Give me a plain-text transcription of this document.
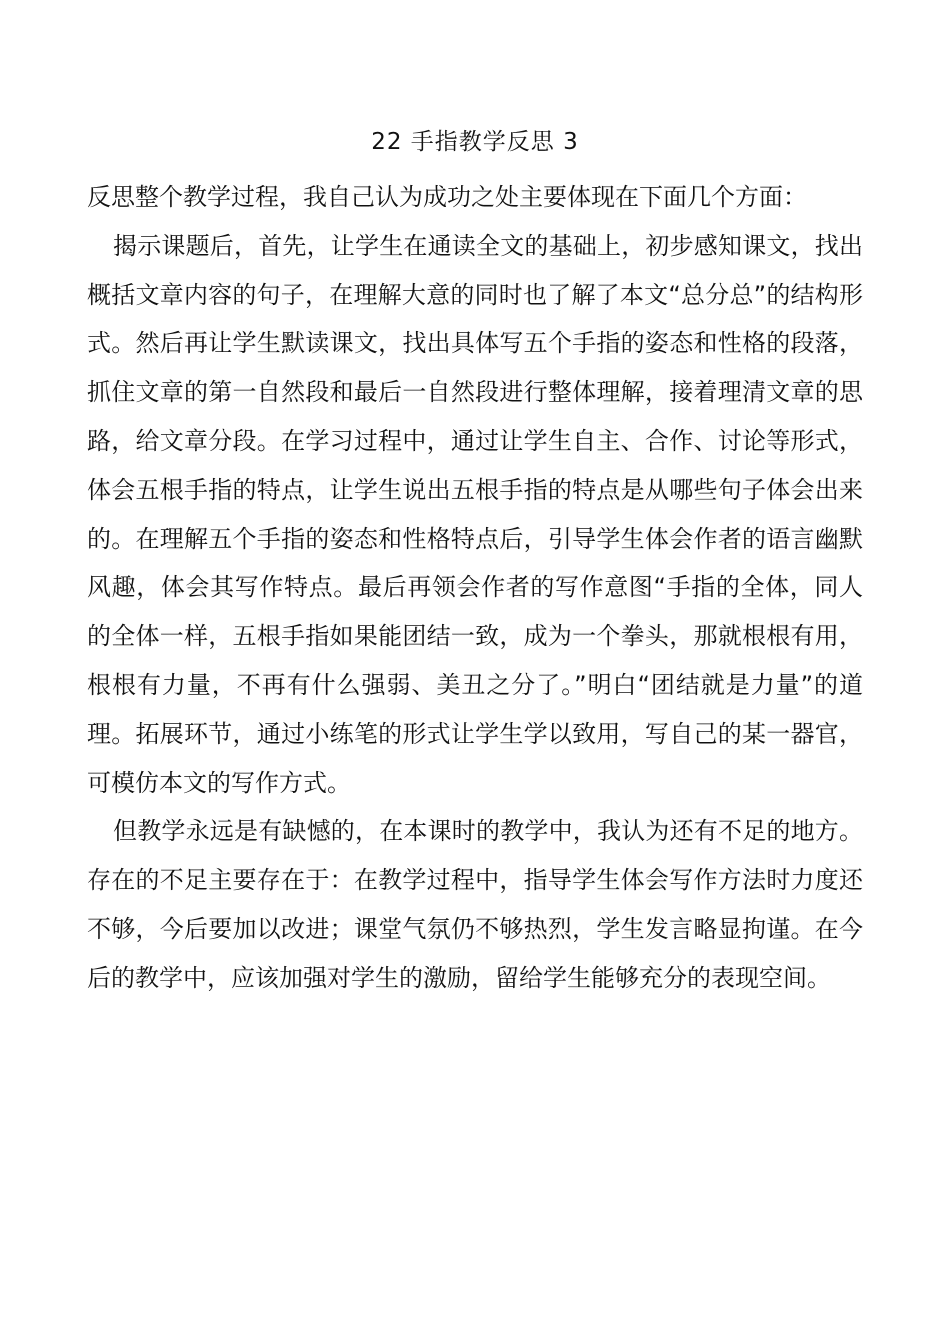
22 手指教学反思 3

反思整个教学过程，我自己认为成功之处主要体现在下面几个方面：

揭示课题后，首先，让学生在通读全文的基础上，初步感知课文，找出概括文章内容的句子，在理解大意的同时也了解了本文“总分总”的结构形式。然后再让学生默读课文，找出具体写五个手指的姿态和性格的段落，抓住文章的第一自然段和最后一自然段进行整体理解，接着理清文章的思路，给文章分段。在学习过程中，通过让学生自主、合作、讨论等形式，体会五根手指的特点，让学生说出五根手指的特点是从哪些句子体会出来的。在理解五个手指的姿态和性格特点后，引导学生体会作者的语言幽默风趣，体会其写作特点。最后再领会作者的写作意图“手指的全体，同人的全体一样，五根手指如果能团结一致，成为一个拳头，那就根根有用，根根有力量，不再有什么强弱、美丑之分了。”明白“团结就是力量”的道理。拓展环节，通过小练笔的形式让学生学以致用，写自己的某一器官，可模仿本文的写作方式。

但教学永远是有缺憾的，在本课时的教学中，我认为还有不足的地方。存在的不足主要存在于：在教学过程中，指导学生体会写作方法时力度还不够，今后要加以改进；课堂气氛仍不够热烈，学生发言略显拘谨。在今后的教学中，应该加强对学生的激励，留给学生能够充分的表现空间。
